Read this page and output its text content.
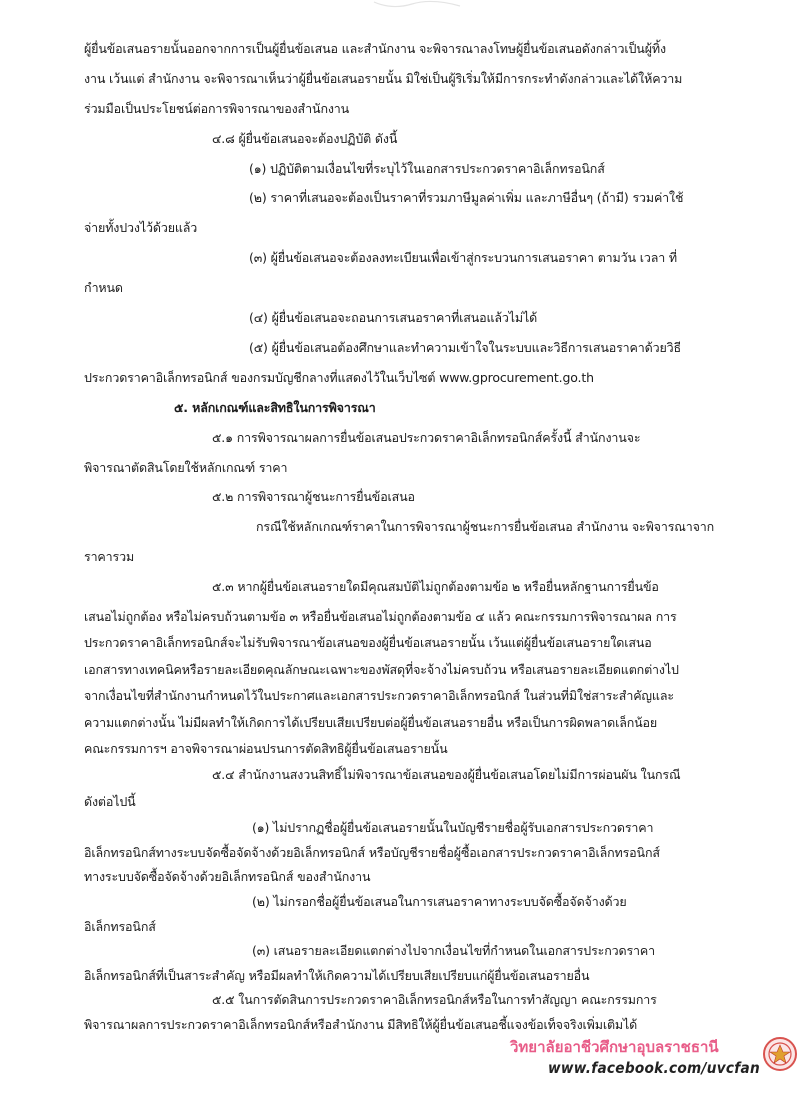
ผู้ยื่นข้อเสนอรายนั้นออกจากการเป็นผู้ยื่นข้อเสนอ และสำนักงาน จะพิจารณาลงโทษผู้ยื่นข้อเสนอดังกล่าวเป็นผู้ทิ้ง
งาน เว้นแต่ สำนักงาน จะพิจารณาเห็นว่าผู้ยื่นข้อเสนอรายนั้น มิใช่เป็นผู้ริเริ่มให้มีการกระทำดังกล่าวและได้ให้ความ
ร่วมมือเป็นประโยชน์ต่อการพิจารณาของสำนักงาน
๔.๘ ผู้ยื่นข้อเสนอจะต้องปฏิบัติ ดังนี้
(๑) ปฏิบัติตามเงื่อนไขที่ระบุไว้ในเอกสารประกวดราคาอิเล็กทรอนิกส์
(๒) ราคาที่เสนอจะต้องเป็นราคาที่รวมภาษีมูลค่าเพิ่ม และภาษีอื่นๆ (ถ้ามี) รวมค่าใช้
จ่ายทั้งปวงไว้ด้วยแล้ว
(๓) ผู้ยื่นข้อเสนอจะต้องลงทะเบียนเพื่อเข้าสู่กระบวนการเสนอราคา ตามวัน เวลา ที่
กำหนด
(๔) ผู้ยื่นข้อเสนอจะถอนการเสนอราคาที่เสนอแล้วไม่ได้
(๕) ผู้ยื่นข้อเสนอต้องศึกษาและทำความเข้าใจในระบบและวิธีการเสนอราคาด้วยวิธี
ประกวดราคาอิเล็กทรอนิกส์ ของกรมบัญชีกลางที่แสดงไว้ในเว็บไซต์ www.gprocurement.go.th
๕. หลักเกณฑ์และสิทธิในการพิจารณา
๕.๑ การพิจารณาผลการยื่นข้อเสนอประกวดราคาอิเล็กทรอนิกส์ครั้งนี้ สำนักงานจะ
พิจารณาตัดสินโดยใช้หลักเกณฑ์ ราคา
๕.๒ การพิจารณาผู้ชนะการยื่นข้อเสนอ
กรณีใช้หลักเกณฑ์ราคาในการพิจารณาผู้ชนะการยื่นข้อเสนอ สำนักงาน จะพิจารณาจาก
ราคารวม
๕.๓ หากผู้ยื่นข้อเสนอรายใดมีคุณสมบัติไม่ถูกต้องตามข้อ ๒ หรือยื่นหลักฐานการยื่นข้อ
เสนอไม่ถูกต้อง หรือไม่ครบถ้วนตามข้อ ๓ หรือยื่นข้อเสนอไม่ถูกต้องตามข้อ ๔ แล้ว คณะกรรมการพิจารณาผล การ
ประกวดราคาอิเล็กทรอนิกส์จะไม่รับพิจารณาข้อเสนอของผู้ยื่นข้อเสนอรายนั้น เว้นแต่ผู้ยื่นข้อเสนอรายใดเสนอ
เอกสารทางเทคนิคหรือรายละเอียดคุณลักษณะเฉพาะของพัสดุที่จะจ้างไม่ครบถ้วน หรือเสนอรายละเอียดแตกต่างไป
จากเงื่อนไขที่สำนักงานกำหนดไว้ในประกาศและเอกสารประกวดราคาอิเล็กทรอนิกส์ ในส่วนที่มิใช่สาระสำคัญและ
ความแตกต่างนั้น ไม่มีผลทำให้เกิดการได้เปรียบเสียเปรียบต่อผู้ยื่นข้อเสนอรายอื่น หรือเป็นการผิดพลาดเล็กน้อย
คณะกรรมการฯ อาจพิจารณาผ่อนปรนการตัดสิทธิผู้ยื่นข้อเสนอรายนั้น
๕.๔ สำนักงานสงวนสิทธิ์ไม่พิจารณาข้อเสนอของผู้ยื่นข้อเสนอโดยไม่มีการผ่อนผัน ในกรณี
ดังต่อไปนี้
(๑) ไม่ปรากฏชื่อผู้ยื่นข้อเสนอรายนั้นในบัญชีรายชื่อผู้รับเอกสารประกวดราคา
อิเล็กทรอนิกส์ทางระบบจัดซื้อจัดจ้างด้วยอิเล็กทรอนิกส์ หรือบัญชีรายชื่อผู้ซื้อเอกสารประกวดราคาอิเล็กทรอนิกส์
ทางระบบจัดซื้อจัดจ้างด้วยอิเล็กทรอนิกส์ ของสำนักงาน
(๒) ไม่กรอกชื่อผู้ยื่นข้อเสนอในการเสนอราคาทางระบบจัดซื้อจัดจ้างด้วย
อิเล็กทรอนิกส์
(๓) เสนอรายละเอียดแตกต่างไปจากเงื่อนไขที่กำหนดในเอกสารประกวดราคา
อิเล็กทรอนิกส์ที่เป็นสาระสำคัญ หรือมีผลทำให้เกิดความได้เปรียบเสียเปรียบแก่ผู้ยื่นข้อเสนอรายอื่น
๕.๕ ในการตัดสินการประกวดราคาอิเล็กทรอนิกส์หรือในการทำสัญญา คณะกรรมการ
พิจารณาผลการประกวดราคาอิเล็กทรอนิกส์หรือสำนักงาน มีสิทธิให้ผู้ยื่นข้อเสนอชี้แจงข้อเท็จจริงเพิ่มเติมได้
วิทยาลัยอาชีวศึกษาอุบลราชธานี
www.facebook.com/uvcfan
